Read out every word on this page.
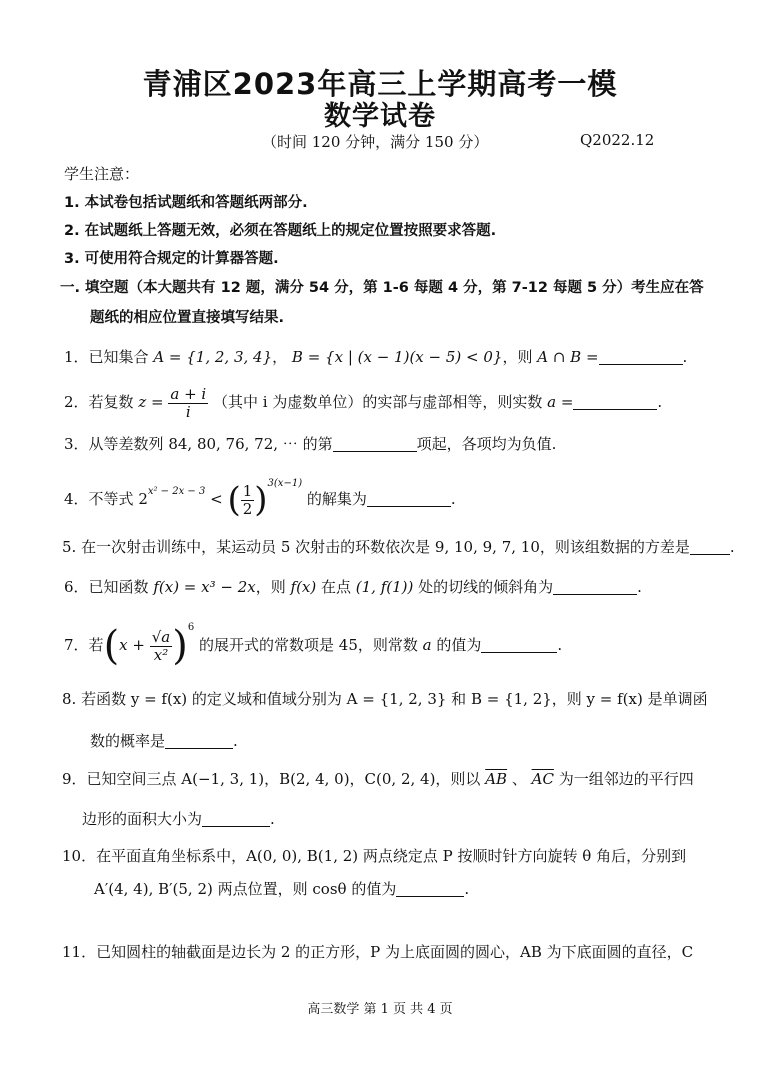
青浦区2023年高三上学期高考一模
数学试卷
（时间 120 分钟，满分 150 分）	Q2022.12
学生注意：
1. 本试卷包括试题纸和答题纸两部分.
2. 在试题纸上答题无效，必须在答题纸上的规定位置按照要求答题.
3. 可使用符合规定的计算器答题.
一. 填空题（本大题共有 12 题，满分 54 分，第 1-6 每题 4 分，第 7-12 每题 5 分）考生应在答
题纸的相应位置直接填写结果.
1．已知集合 A = {1, 2, 3, 4}， B = {x | (x − 1)(x − 5) < 0}，则 A ∩ B =	.
2．若复数 $z = \frac{a + i}{i}$ （其中 i 为虚数单位）的实部与虚部相等，则实数 a =	.
3．从等差数列 84, 80, 76, 72, ⋯ 的第	项起，各项均为负值.
4．不等式 $2^{x^2 - 2x - 3}$ < ( $\frac{1}{2} )^{3(x-1)}$ 的解集为	.
5. 在一次射击训练中，某运动员 5 次射击的环数依次是 9, 10, 9, 7, 10，则该组数据的方差是	.
6．已知函数 f(x) = x³ − 2x，则 f(x) 在点 (1, f(1)) 处的切线的倾斜角为	.
7．若$(x + \frac{√a}{\text{x²}} )^6$ 的展开式的常数项是 45，则常数 a 的值为	.
8. 若函数 y = f(x) 的定义域和值域分别为 A = {1, 2, 3} 和 B = {1, 2}，则 y = f(x) 是单调函
数的概率是	.
9．已知空间三点 A(−1, 3, 1)，B(2, 4, 0)，C(0, 2, 4)，则以 $\overline{AB}$ 、 $\overline{AC}$ 为一组邻边的平行四
边形的面积大小为	.
10．在平面直角坐标系中，A(0, 0), B(1, 2) 两点绕定点 P 按顺时针方向旋转 θ 角后，分别到
A′(4, 4), B′(5, 2) 两点位置，则 cosθ 的值为	.
11．已知圆柱的轴截面是边长为 2 的正方形，P 为上底面圆的圆心，AB 为下底面圆的直径，C
高三数学 第 1 页 共 4 页
